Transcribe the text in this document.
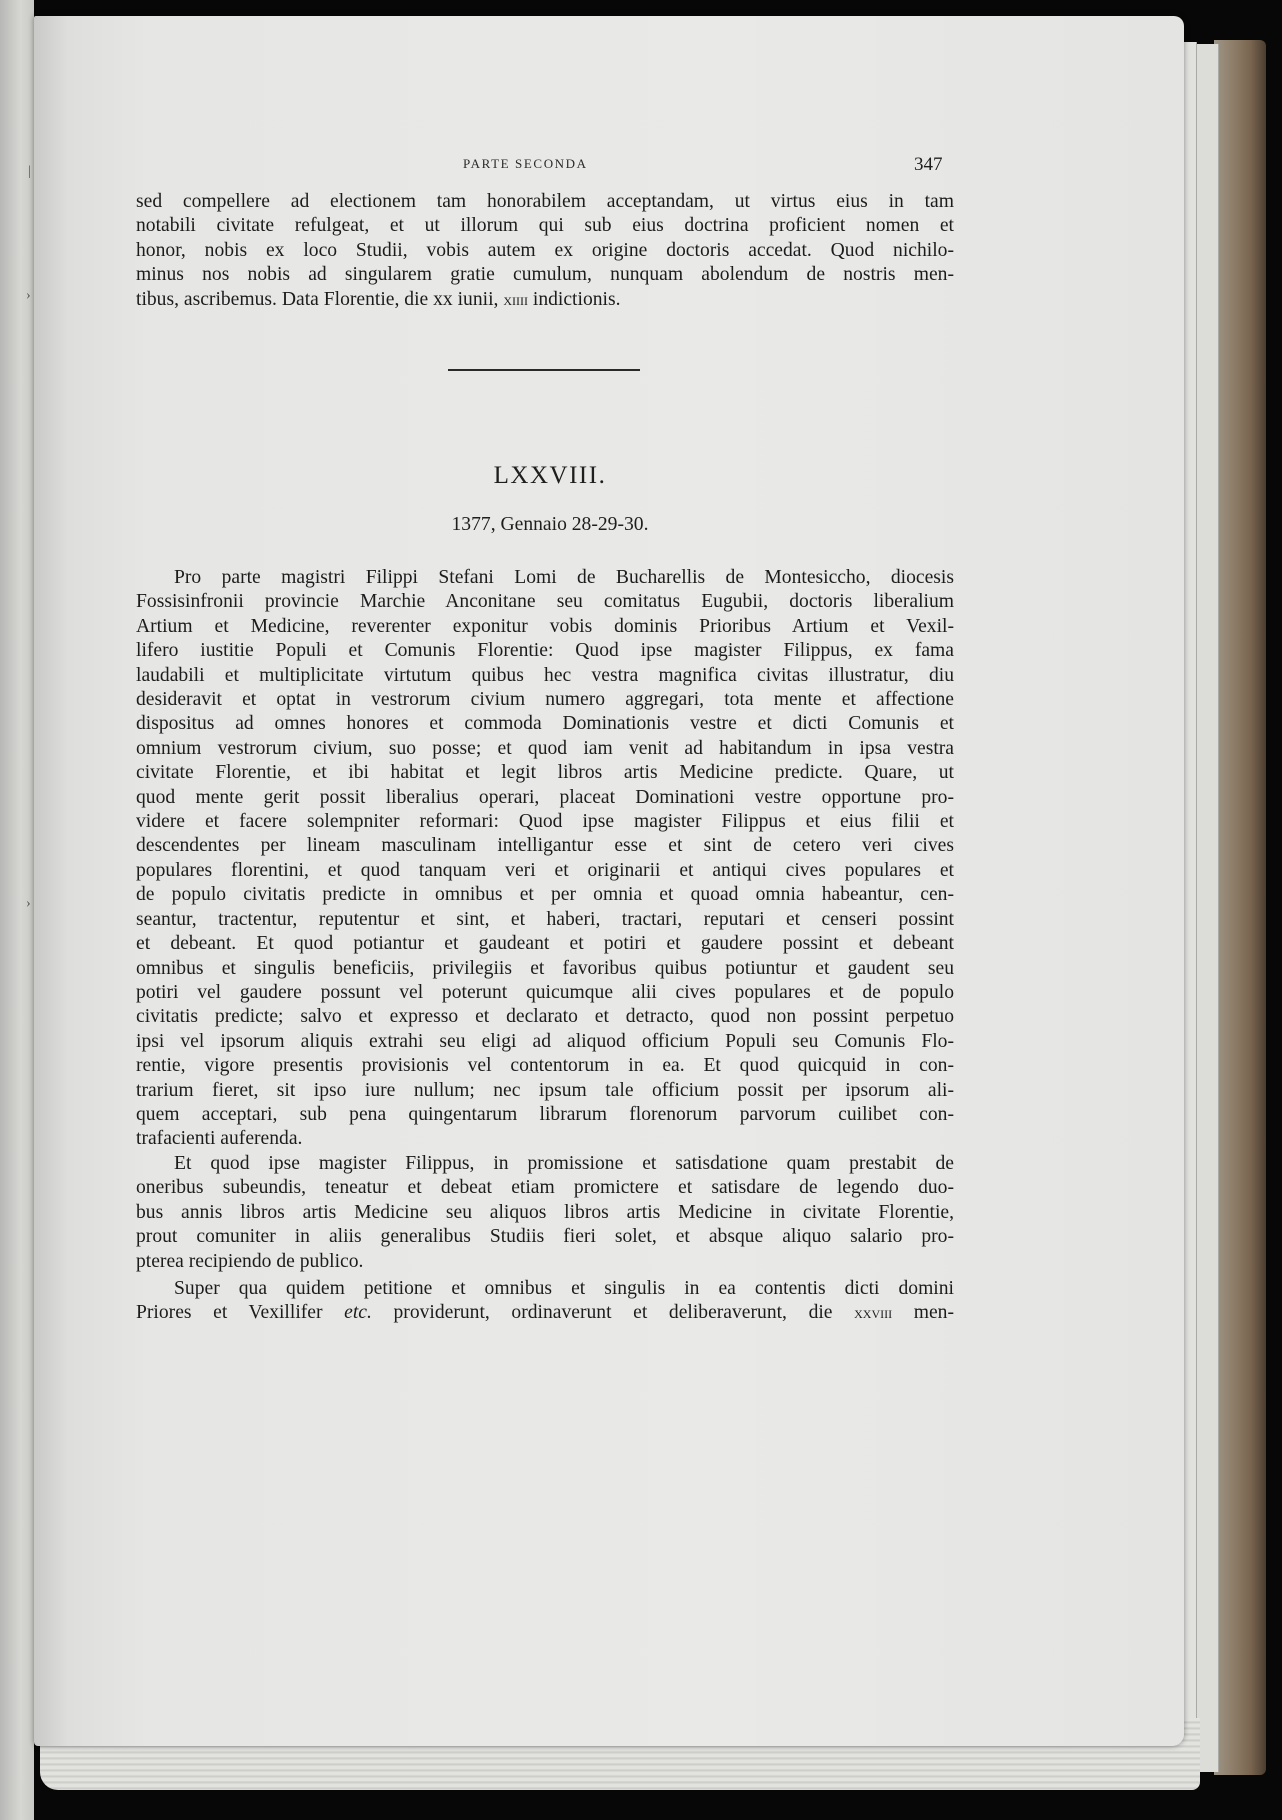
|
›
›
PARTE SECONDA	347
sed compellere ad electionem tam honorabilem acceptandam, ut virtus eius in tam
notabili civitate refulgeat, et ut illorum qui sub eius doctrina proficient nomen et
honor, nobis ex loco Studii, vobis autem ex origine doctoris accedat. Quod nichilo-
minus nos nobis ad singularem gratie cumulum, nunquam abolendum de nostris men-
tibus, ascribemus. Data Florentie, die xx iunii, xiiii indictionis.
LXXVIII.
1377, Gennaio 28-29-30.
Pro parte magistri Filippi Stefani Lomi de Bucharellis de Montesiccho, diocesis
Fossisinfronii provincie Marchie Anconitane seu comitatus Eugubii, doctoris liberalium
Artium et Medicine, reverenter exponitur vobis dominis Prioribus Artium et Vexil-
lifero iustitie Populi et Comunis Florentie: Quod ipse magister Filippus, ex fama
laudabili et multiplicitate virtutum quibus hec vestra magnifica civitas illustratur, diu
desideravit et optat in vestrorum civium numero aggregari, tota mente et affectione
dispositus ad omnes honores et commoda Dominationis vestre et dicti Comunis et
omnium vestrorum civium, suo posse; et quod iam venit ad habitandum in ipsa vestra
civitate Florentie, et ibi habitat et legit libros artis Medicine predicte. Quare, ut
quod mente gerit possit liberalius operari, placeat Dominationi vestre opportune pro-
videre et facere solempniter reformari: Quod ipse magister Filippus et eius filii et
descendentes per lineam masculinam intelligantur esse et sint de cetero veri cives
populares florentini, et quod tanquam veri et originarii et antiqui cives populares et
de populo civitatis predicte in omnibus et per omnia et quoad omnia habeantur, cen-
seantur, tractentur, reputentur et sint, et haberi, tractari, reputari et censeri possint
et debeant. Et quod potiantur et gaudeant et potiri et gaudere possint et debeant
omnibus et singulis beneficiis, privilegiis et favoribus quibus potiuntur et gaudent seu
potiri vel gaudere possunt vel poterunt quicumque alii cives populares et de populo
civitatis predicte; salvo et expresso et declarato et detracto, quod non possint perpetuo
ipsi vel ipsorum aliquis extrahi seu eligi ad aliquod officium Populi seu Comunis Flo-
rentie, vigore presentis provisionis vel contentorum in ea. Et quod quicquid in con-
trarium fieret, sit ipso iure nullum; nec ipsum tale officium possit per ipsorum ali-
quem acceptari, sub pena quingentarum librarum florenorum parvorum cuilibet con-
trafacienti auferenda.
Et quod ipse magister Filippus, in promissione et satisdatione quam prestabit de
oneribus subeundis, teneatur et debeat etiam promictere et satisdare de legendo duo-
bus annis libros artis Medicine seu aliquos libros artis Medicine in civitate Florentie,
prout comuniter in aliis generalibus Studiis fieri solet, et absque aliquo salario pro-
pterea recipiendo de publico.
Super qua quidem petitione et omnibus et singulis in ea contentis dicti domini
Priores et Vexillifer etc. providerunt, ordinaverunt et deliberaverunt, die xxviii men-
